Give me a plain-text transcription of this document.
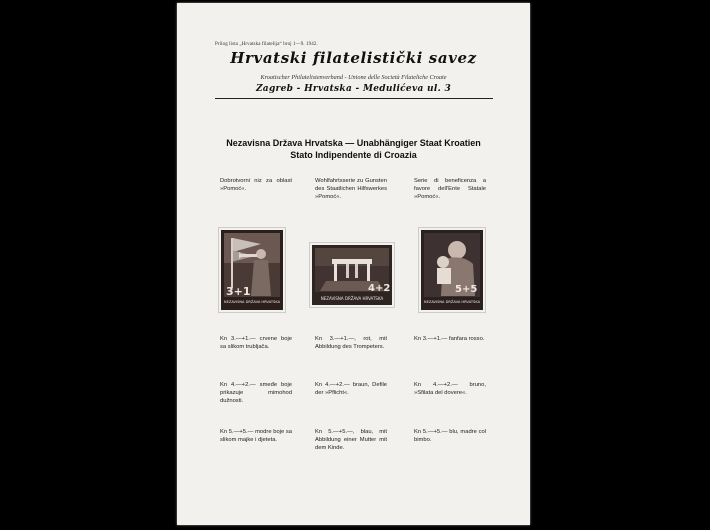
Prilog lista „Hrvatska filatelija“ broj 1—9. 1942.
Hrvatski filatelistički savez
Kroatischer Philatelistenverband - Unione delle Società Filateliche Croate
Zagreb - Hrvatska - Medulićeva ul. 3
Nezavisna Država Hrvatska — Unabhängiger Staat Kroatien
Stato Indipendente di Croazia
Dobrotvorni niz za oblast »Pomoć«.
Wohlfahrtsserie zu Gunsten des Staatlichen Hilfswerkes »Pomoć«.
Serie di beneficenza a favore dell'Ente Statale »Pomoć«.
3+1
NEZAVISNA DRŽAVA HRVATSKA
4+2
NEZAVISNA DRŽAVA HRVATSKA
5+5
NEZAVISNA DRŽAVA HRVATSKA
Kn 3.—+1.— crvene boje sa slikom trubljača.
Kn 3.—+1.—, rot, mit Abbildung des Trompeters.
Kn 3.—+1.— fanfara rosso.
Kn 4.—+2.— smeđe boje prikazuje mimohod dužnosti.
Kn 4.—+2.— braun, Defile der »Pflicht«.
Kn 4.—+2.— bruno, »Sfilata del dovere«.
Kn 5.—+5.— modre boje sa slikom majke i djeteta.
Kn 5.—+5.—, blau, mit Abbildung einer Mutter mit dem Kinde.
Kn 5.—+5.— blu, madre col bimbo.
